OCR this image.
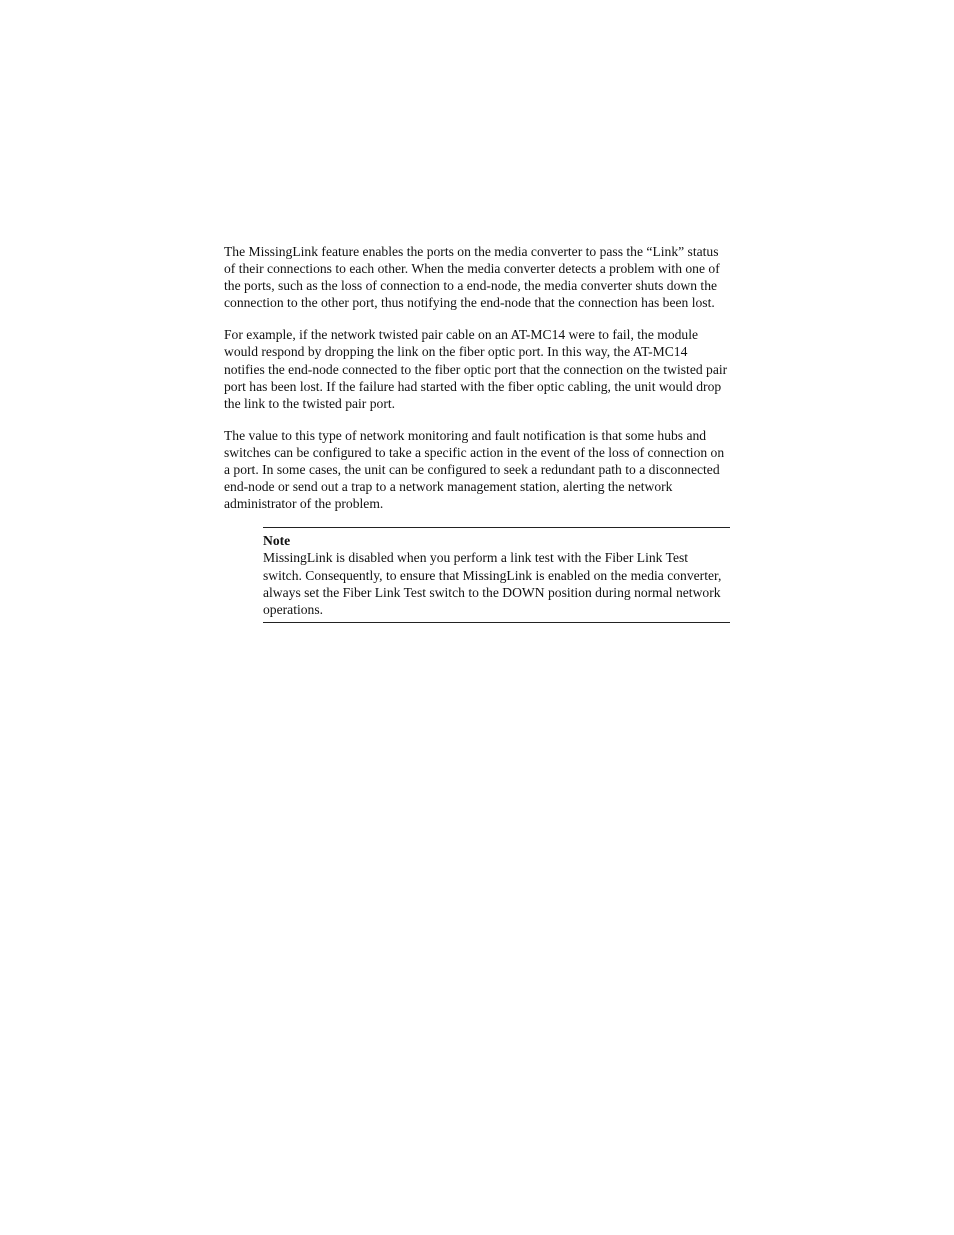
The MissingLink feature enables the ports on the media converter to pass the “Link” status of their connections to each other. When the media converter detects a problem with one of the ports, such as the loss of connection to a end-node, the media converter shuts down the connection to the other port, thus notifying the end-node that the connection has been lost.

For example, if the network twisted pair cable on an AT-MC14 were to fail, the module would respond by dropping the link on the fiber optic port. In this way, the AT-MC14 notifies the end-node connected to the fiber optic port that the connection on the twisted pair port has been lost. If the failure had started with the fiber optic cabling, the unit would drop the link to the twisted pair port.

The value to this type of network monitoring and fault notification is that some hubs and switches can be configured to take a specific action in the event of the loss of connection on a port. In some cases, the unit can be configured to seek a redundant path to a disconnected end-node or send out a trap to a network management station, alerting the network administrator of the problem.

Note

MissingLink is disabled when you perform a link test with the Fiber Link Test switch. Consequently, to ensure that MissingLink is enabled on the media converter, always set the Fiber Link Test switch to the DOWN position during normal network operations.
